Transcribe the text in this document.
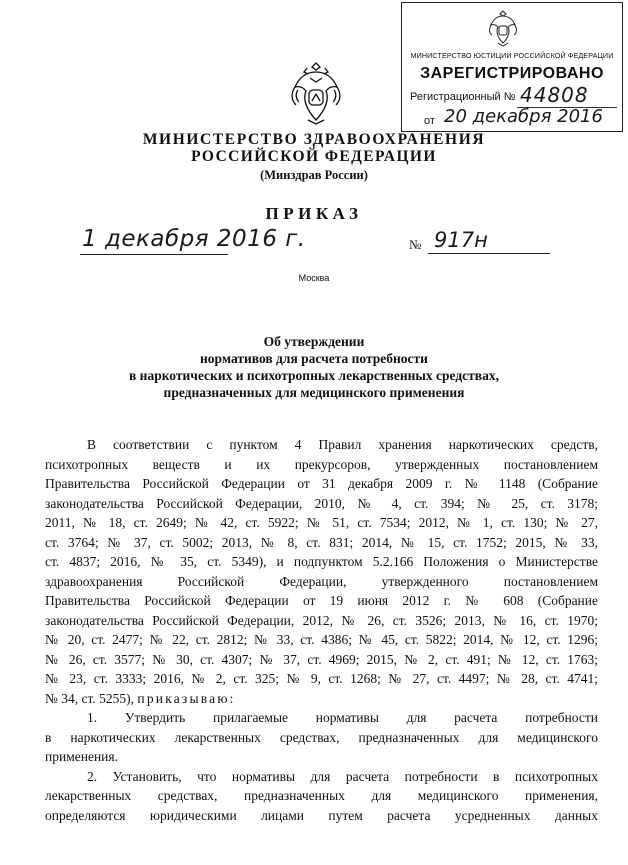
МИНИСТЕРСТВО ЮСТИЦИИ РОССИЙСКОЙ ФЕДЕРАЦИИ
ЗАРЕГИСТРИРОВАНО
Регистрационный № 44808
от 20 декабря 2016
МИНИСТЕРСТВО ЗДРАВООХРАНЕНИЯ
РОССИЙСКОЙ ФЕДЕРАЦИИ
(Минздрав России)
ПРИКАЗ
1 декабря 2016 г.	№ 917н
Москва
Об утверждении
нормативов для расчета потребности
в наркотических и психотропных лекарственных средствах,
предназначенных для медицинского применения
В соответствии с пунктом 4 Правил хранения наркотических средств,
психотропных веществ и их прекурсоров, утвержденных постановлением
Правительства Российской Федерации от 31 декабря 2009 г. № 1148 (Собрание
законодательства Российской Федерации, 2010, № 4, ст. 394; № 25, ст. 3178;
2011, № 18, ст. 2649; № 42, ст. 5922; № 51, ст. 7534; 2012, № 1, ст. 130; № 27,
ст. 3764; № 37, ст. 5002; 2013, № 8, ст. 831; 2014, № 15, ст. 1752; 2015, № 33,
ст. 4837; 2016, № 35, ст. 5349), и подпунктом 5.2.166 Положения о Министерстве
здравоохранения Российской Федерации, утвержденного постановлением
Правительства Российской Федерации от 19 июня 2012 г. № 608 (Собрание
законодательства Российской Федерации, 2012, № 26, ст. 3526; 2013, № 16, ст. 1970;
№ 20, ст. 2477; № 22, ст. 2812; № 33, ст. 4386; № 45, ст. 5822; 2014, № 12, ст. 1296;
№ 26, ст. 3577; № 30, ст. 4307; № 37, ст. 4969; 2015, № 2, ст. 491; № 12, ст. 1763;
№ 23, ст. 3333; 2016, № 2, ст. 325; № 9, ст. 1268; № 27, ст. 4497; № 28, ст. 4741;
№ 34, ст. 5255), приказываю:
1. Утвердить прилагаемые нормативы для расчета потребности
в наркотических лекарственных средствах, предназначенных для медицинского
применения.
2. Установить, что нормативы для расчета потребности в психотропных
лекарственных средствах, предназначенных для медицинского применения,
определяются юридическими лицами путем расчета усредненных данных
